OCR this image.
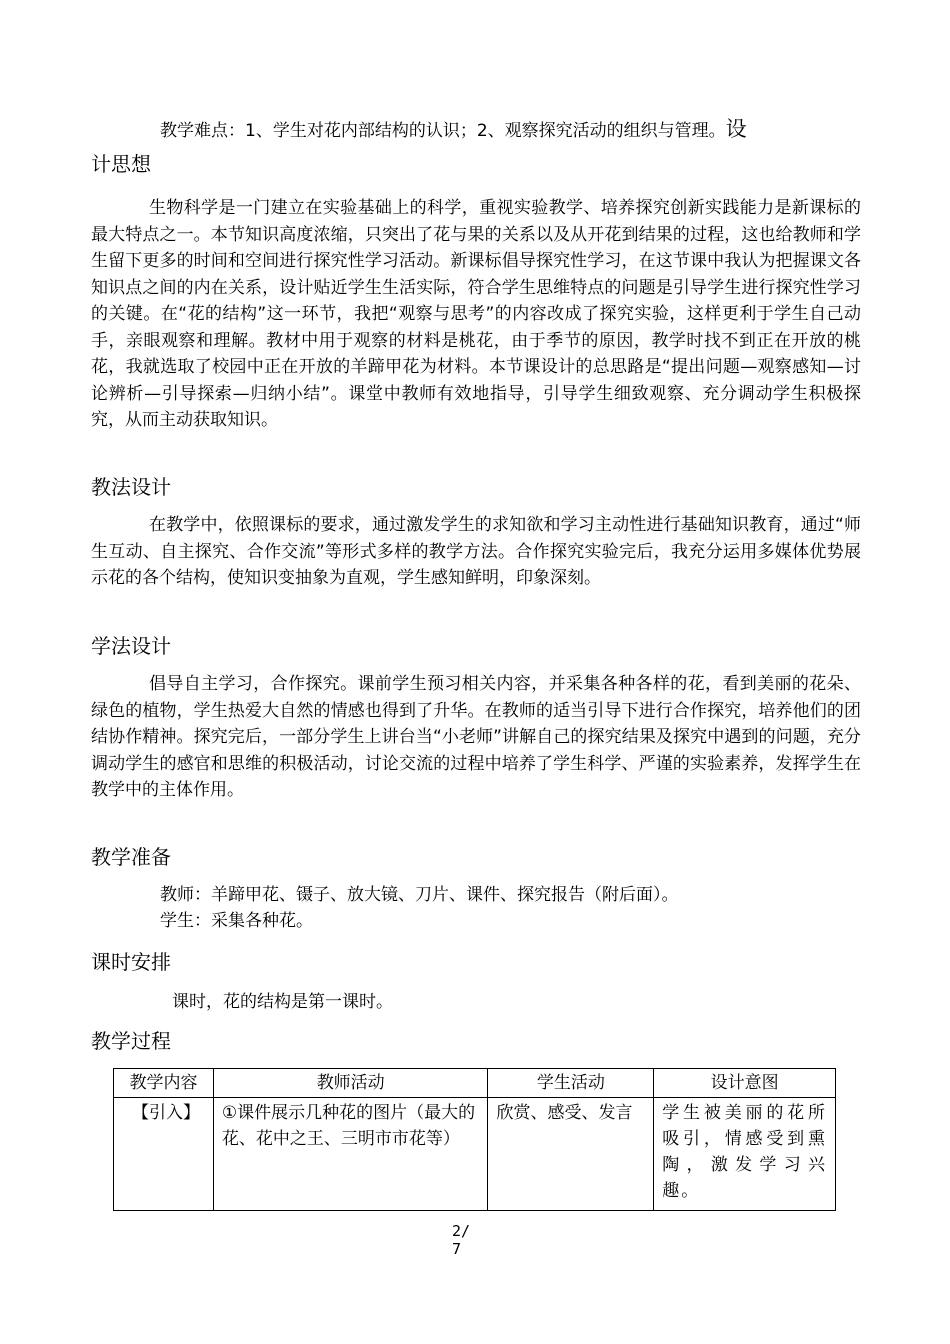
教学难点：1、学生对花内部结构的认识；2、观察探究活动的组织与管理。设
计思想

生物科学是一门建立在实验基础上的科学，重视实验教学、培养探究创新实践能力是新课标的最大特点之一。本节知识高度浓缩，只突出了花与果的关系以及从开花到结果的过程，这也给教师和学生留下更多的时间和空间进行探究性学习活动。新课标倡导探究性学习，在这节课中我认为把握课文各知识点之间的内在关系，设计贴近学生生活实际，符合学生思维特点的问题是引导学生进行探究性学习的关键。在“花的结构”这一环节，我把“观察与思考”的内容改成了探究实验，这样更利于学生自己动手，亲眼观察和理解。教材中用于观察的材料是桃花，由于季节的原因，教学时找不到正在开放的桃花，我就选取了校园中正在开放的羊蹄甲花为材料。本节课设计的总思路是“提出问题—观察感知—讨论辨析—引导探索—归纳小结”。课堂中教师有效地指导，引导学生细致观察、充分调动学生积极探究，从而主动获取知识。

教法设计

在教学中，依照课标的要求，通过激发学生的求知欲和学习主动性进行基础知识教育，通过“师生互动、自主探究、合作交流”等形式多样的教学方法。合作探究实验完后，我充分运用多媒体优势展示花的各个结构，使知识变抽象为直观，学生感知鲜明，印象深刻。

学法设计

倡导自主学习，合作探究。课前学生预习相关内容，并采集各种各样的花，看到美丽的花朵、绿色的植物，学生热爱大自然的情感也得到了升华。在教师的适当引导下进行合作探究，培养他们的团结协作精神。探究完后，一部分学生上讲台当“小老师”讲解自己的探究结果及探究中遇到的问题，充分调动学生的感官和思维的积极活动，讨论交流的过程中培养了学生科学、严谨的实验素养，发挥学生在教学中的主体作用。

教学准备
教师：羊蹄甲花、镊子、放大镜、刀片、课件、探究报告（附后面）。
学生：采集各种花。
课时安排
课时，花的结构是第一课时。
教学过程
教学内容	教师活动	学生活动	设计意图
【引入】	①课件展示几种花的图片（最大的花、花中之王、三明市市花等）	欣赏、感受、发言	学生被美丽的花所吸引，情感受到熏陶，激发学习兴趣。
2/
7
